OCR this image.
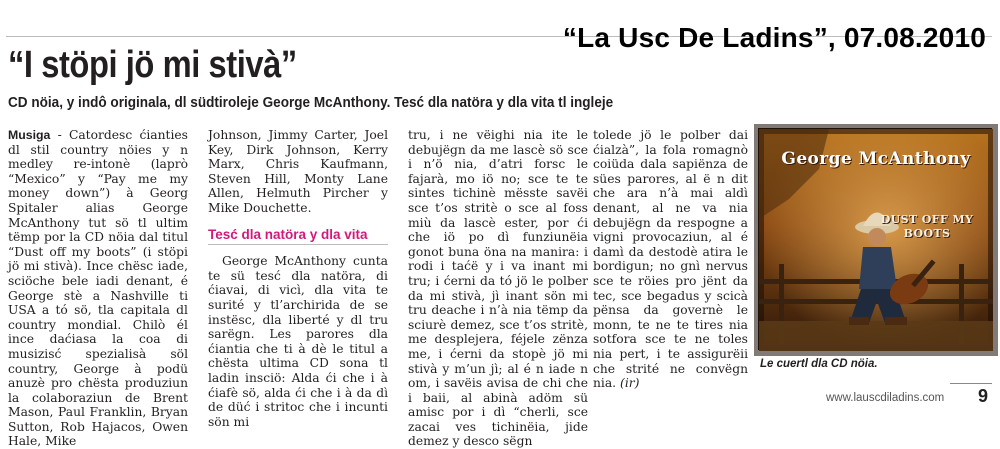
“La Usc De Ladins”, 07.08.2010
“I stöpi jö mi stivà”
CD nöia, y indô originala, dl südtiroleje George McAnthony. Tesć dla natöra y dla vita tl ingleje
Musiga - Catordesc ćianties dl stil country nöies y n medley re-intonè (laprò “Mexico” y “Pay me my money down”) à Georg Spitaler alias George McAnthony tut sö tl ultim tëmp por la CD nöia dal titul “Dust off my boots” (i stöpi jö mi stivà). Ince chësc iade, sciöche bele iadi denant, é George stè a Nashville ti USA a tó sö, tla capitala dl country mondial. Chilò él ince daćiasa la coa di musizisć spezialisà söl country, George à podü anuzè pro chësta produziun la colaboraziun de Brent Mason, Paul Franklin, Bryan Sutton, Rob Hajacos, Owen Hale, Mike

Johnson, Jimmy Carter, Joel Key, Dirk Johnson, Kerry Marx, Chris Kaufmann, Steven Hill, Monty Lane Allen, Helmuth Pircher y Mike Douchette.

Tesć dla natöra y dla vita

George McAnthony cunta te sü tesć dla natöra, di ćiavai, di vicì, dla vita te surité y tl’archirida de se instësc, dla liberté y dl tru sarëgn. Les parores dla ćiantia che ti à dè le titul a chësta ultima CD sona tl ladin insciö: Alda ći che i à ćiafè sö, alda ći che i à da dì de düć i stritoc che i incunti sön mi

tru, i ne vëighi nia ite le debujëgn da me lascè sö sce i n’ö nia, d’atri forsc le fajarà, mo iö no; sce te te sintes tichinè mësste savëi sce t’os stritè o sce al foss miù da lascè ester, por ći che iö po dì funziunëia gonot buna öna na manira: i rodi i taćë y i va inant mi tru; i ćerni da tó jö le polber da mi stivà, jì inant sön mi tru deache i n’à nia tëmp da sciurè demez, sce t’os stritè, me desplejera, féjele zënza me, i ćerni da stopè jö mi stivà y m’un jì; al é n iade n om, i savëis avisa de chi che i baii, al abinà adöm sü amisc por i dì “cherli, sce zacai ves tichinëia, jide demez y desco sëgn

tolede jö le polber dai ćialzà”, la fola romagnò coiüda dala sapiënza de sües parores, al ë n dit che ara n’à mai aldì denant, al ne va nia debujëgn da respogne a vigni provocaziun, al é damì da destodè atira le bordigun; no gnì nervus sce te röies pro jënt da tec, sce begadus y scicà pënsa da governè le monn, te ne te tires nia sotfora sce te ne toles nia pert, i te assigurëii che strité ne convëgn nia. (ir)
George McAnthony
DUST OFF MY BOOTS
Le cuertl dla CD nöia.
www.lauscdiladins.com 9
